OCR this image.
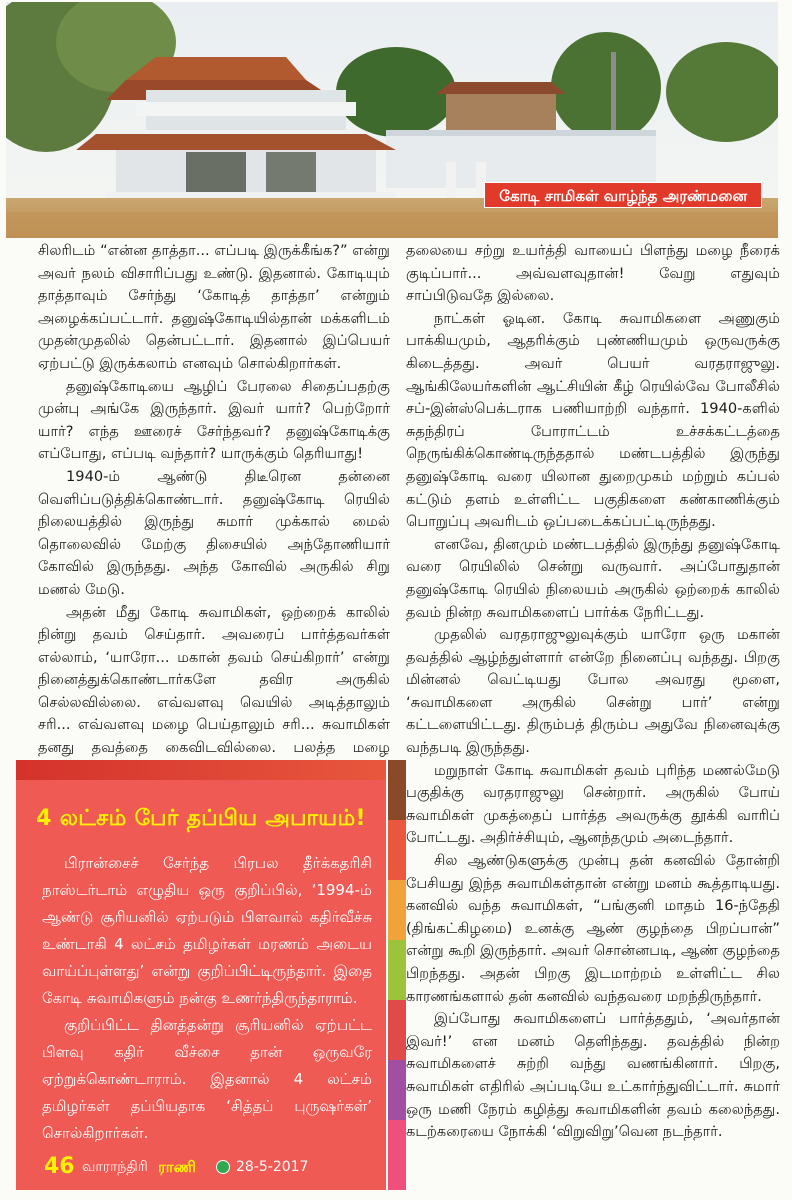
கோடி சாமிகள் வாழ்ந்த அரண்மனை

சிலரிடம் “என்ன தாத்தா... எப்படி இருக்கீங்க?” என்று அவர் நலம் விசாரிப்பது உண்டு. இதனால். கோடியும் தாத்தாவும் சேர்ந்து ‘கோடித் தாத்தா’ என்றும் அழைக்கப்பட்டார். தனுஷ்கோடியில்தான் மக்களிடம் முதன்முதலில் தென்பட்டார். இதனால் இப்பெயர் ஏற்பட்டு இருக்கலாம் எனவும் சொல்கிறார்கள்.

தனுஷ்கோடியை ஆழிப் பேரலை சிதைப்பதற்கு முன்பு அங்கே இருந்தார். இவர் யார்? பெற்றோர் யார்? எந்த ஊரைச் சேர்ந்தவர்? தனுஷ்கோடிக்கு எப்போது, எப்படி வந்தார்? யாருக்கும் தெரியாது!

1940-ம் ஆண்டு திடீரென தன்னை வெளிப்படுத்திக்கொண்டார். தனுஷ்கோடி ரெயில் நிலையத்தில் இருந்து சுமார் முக்கால் மைல் தொலைவில் மேற்கு திசையில் அந்தோணியார் கோவில் இருந்தது. அந்த கோவில் அருகில் சிறு மணல் மேடு.

அதன் மீது கோடி சுவாமிகள், ஒற்றைக் காலில் நின்று தவம் செய்தார். அவரைப் பார்த்தவர்கள் எல்லாம், ‘யாரோ... மகான் தவம் செய்கிறார்’ என்று நினைத்துக்கொண்டார்களே தவிர அருகில் செல்லவில்லை. எவ்வளவு வெயில் அடித்தாலும் சரி... எவ்வளவு மழை பெய்தாலும் சரி... சுவாமிகள் தனது தவத்தை கைவிடவில்லை. பலத்த மழை

தலையை சற்று உயர்த்தி வாயைப் பிளந்து மழை நீரைக் குடிப்பார்... அவ்வளவுதான்! வேறு எதுவும் சாப்பிடுவதே இல்லை.

நாட்கள் ஓடின. கோடி சுவாமிகளை அணுகும் பாக்கியமும், ஆதரிக்கும் புண்ணியமும் ஒருவருக்கு கிடைத்தது. அவர் பெயர் வரதராஜுலு. ஆங்கிலேயர்களின் ஆட்சியின் கீழ் ரெயில்வே போலீசில் சப்-இன்ஸ்பெக்டராக பணியாற்றி வந்தார். 1940-களில் சுதந்திரப் போராட்டம் உச்சக்கட்டத்தை நெருங்கிக்கொண்டிருந்ததால் மண்டபத்தில் இருந்து தனுஷ்கோடி வரை யிலான துறைமுகம் மற்றும் கப்பல் கட்டும் தளம் உள்ளிட்ட பகுதிகளை கண்காணிக்கும் பொறுப்பு அவரிடம் ஒப்படைக்கப்பட்டிருந்தது.

எனவே, தினமும் மண்டபத்தில் இருந்து தனுஷ்கோடி வரை ரெயிலில் சென்று வருவார். அப்போதுதான் தனுஷ்கோடி ரெயில் நிலையம் அருகில் ஒற்றைக் காலில் தவம் நின்ற சுவாமிகளைப் பார்க்க நேரிட்டது.

முதலில் வரதராஜுலுவுக்கும் யாரோ ஒரு மகான் தவத்தில் ஆழ்ந்துள்ளார் என்றே நினைப்பு வந்தது. பிறகு மின்னல் வெட்டியது போல அவரது மூளை, ‘சுவாமிகளை அருகில் சென்று பார்’ என்று கட்டளையிட்டது. திரும்பத் திரும்ப அதுவே நினைவுக்கு வந்தபடி இருந்தது.

மறுநாள் கோடி சுவாமிகள் தவம் புரிந்த மணல்மேடு பகுதிக்கு வரதராஜுலு சென்றார். அருகில் போய் சுவாமிகள் முகத்தைப் பார்த்த அவருக்கு தூக்கி வாரிப் போட்டது. அதிர்ச்சியும், ஆனந்தமும் அடைந்தார்.

சில ஆண்டுகளுக்கு முன்பு தன் கனவில் தோன்றி பேசியது இந்த சுவாமிகள்தான் என்று மனம் கூத்தாடியது. கனவில் வந்த சுவாமிகள், “பங்குனி மாதம் 16-ந்தேதி (திங்கட்கிழமை) உனக்கு ஆண் குழந்தை பிறப்பான்” என்று கூறி இருந்தார். அவர் சொன்னபடி, ஆண் குழந்தை பிறந்தது. அதன் பிறகு இடமாற்றம் உள்ளிட்ட சில காரணங்களால் தன் கனவில் வந்தவரை மறந்திருந்தார்.

இப்போது சுவாமிகளைப் பார்த்ததும், ‘அவர்தான் இவர்!’ என மனம் தெளிந்தது. தவத்தில் நின்ற சுவாமிகளைச் சுற்றி வந்து வணங்கினார். பிறகு, சுவாமிகள் எதிரில் அப்படியே உட்கார்ந்துவிட்டார். சுமார் ஒரு மணி நேரம் கழித்து சுவாமிகளின் தவம் கலைந்தது. கடற்கரையை நோக்கி ‘விறுவிறு’வென நடந்தார்.

4 லட்சம் பேர் தப்பிய அபாயம்!

பிரான்சைச் சேர்ந்த பிரபல தீர்க்கதரிசி நாஸ்டர்டாம் எழுதிய ஒரு குறிப்பில், ‘1994-ம் ஆண்டு சூரியனில் ஏற்படும் பிளவால் கதிர்வீச்சு உண்டாகி 4 லட்சம் தமிழர்கள் மரணம் அடைய வாய்ப்புள்ளது’ என்று குறிப்பிட்டிருந்தார். இதை கோடி சுவாமிகளும் நன்கு உணர்ந்திருந்தாராம்.

குறிப்பிட்ட தினத்தன்று சூரியனில் ஏற்பட்ட பிளவு கதிர் வீச்சை தான் ஒருவரே ஏற்றுக்கொண்டாராம். இதனால் 4 லட்சம் தமிழர்கள் தப்பியதாக ‘சித்தப் புருஷர்கள்’ சொல்கிறார்கள்.

46 வாராந்திரி ராணி	28-5-2017
